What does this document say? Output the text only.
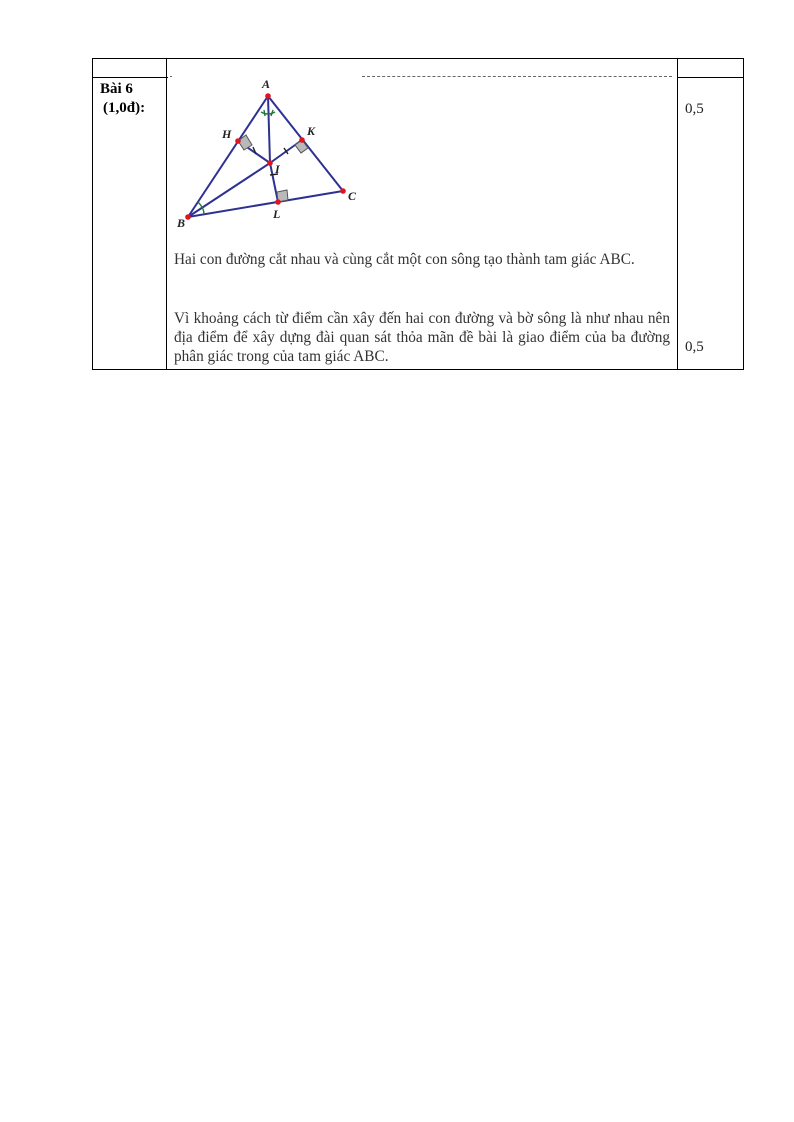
Bài 6
(1,0đ):	0,5
0,5
A
B
C
H	K
I
L
Hai con đường cắt nhau và cùng cắt một con sông tạo thành tam giác ABC.
Vì khoảng cách từ điểm cần xây đến hai con đường và bờ sông là như nhau nên địa điểm để xây dựng đài quan sát thỏa mãn đề bài là giao điểm của ba đường phân giác trong của tam giác ABC.
